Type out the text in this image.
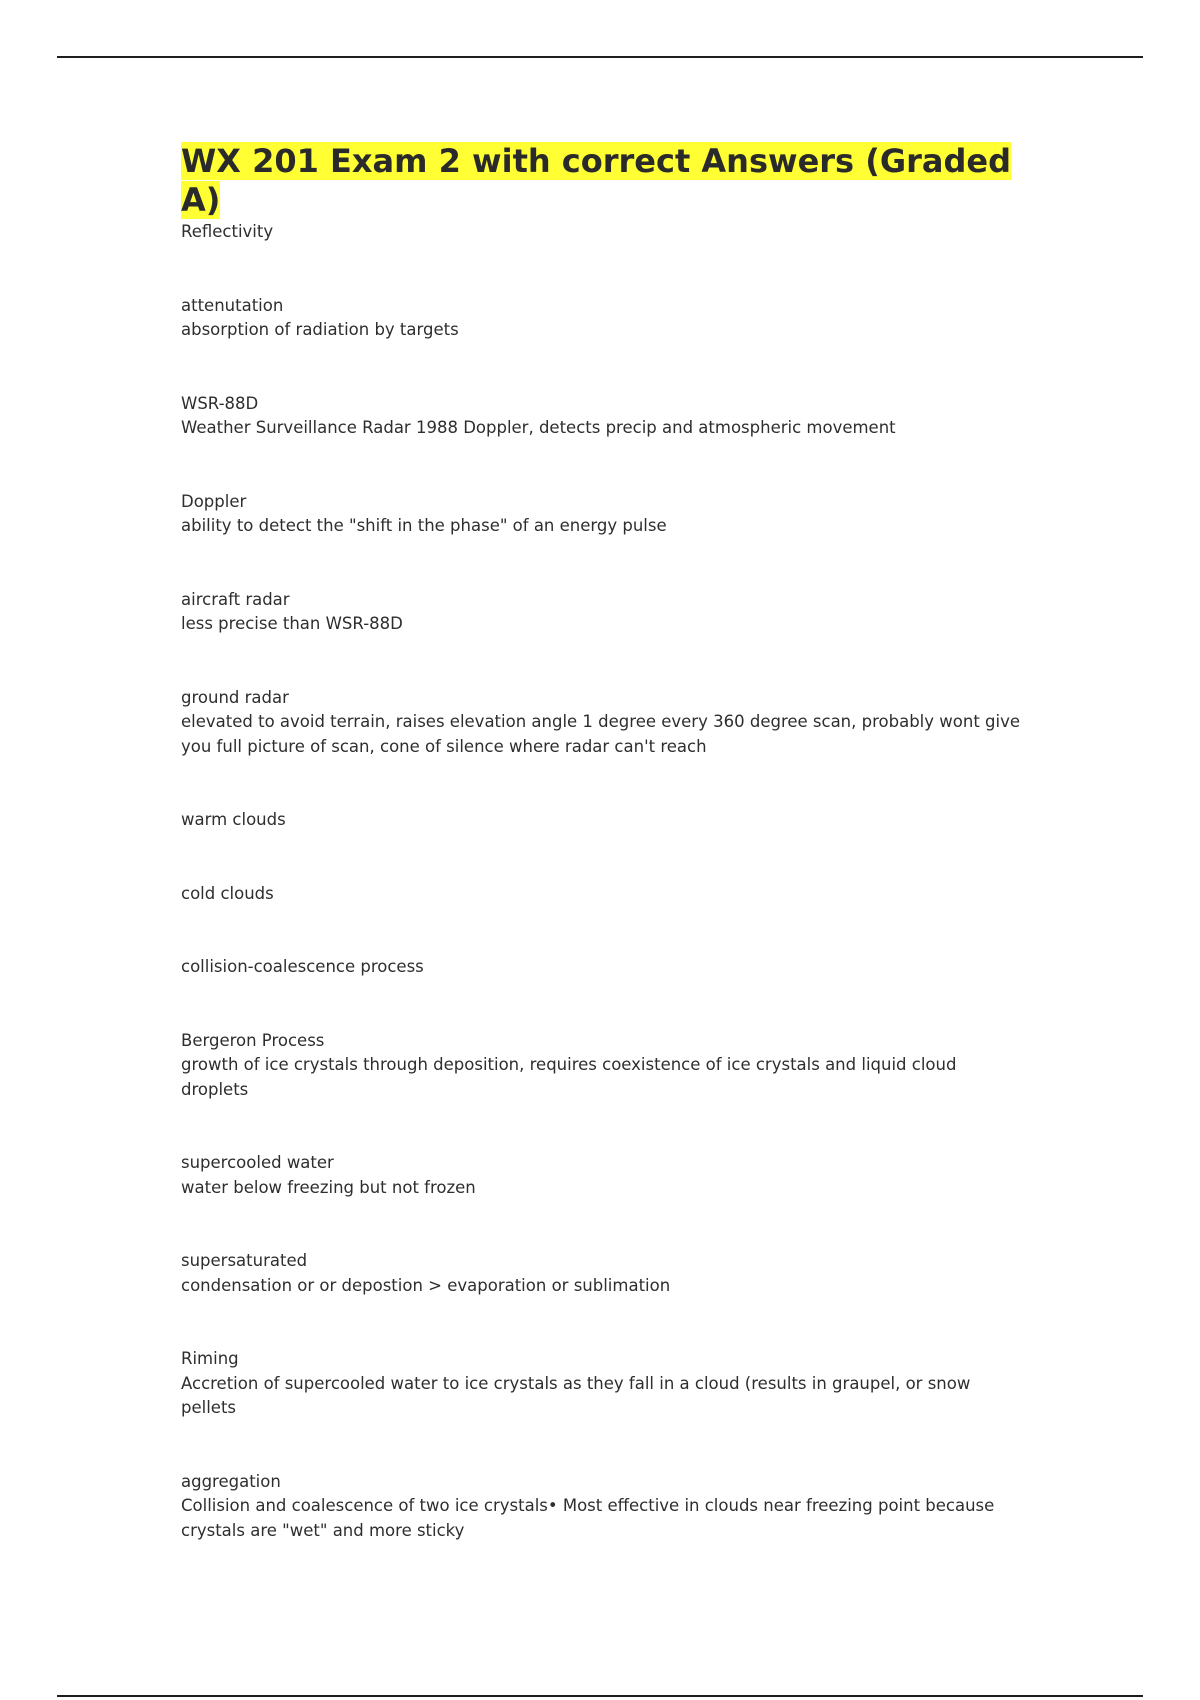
WX 201 Exam 2 with correct Answers (Graded A)
Reflectivity
attenutation
absorption of radiation by targets
WSR-88D
Weather Surveillance Radar 1988 Doppler, detects precip and atmospheric movement
Doppler
ability to detect the "shift in the phase" of an energy pulse
aircraft radar
less precise than WSR-88D
ground radar
elevated to avoid terrain, raises elevation angle 1 degree every 360 degree scan, probably wont give you full picture of scan, cone of silence where radar can't reach
warm clouds
cold clouds
collision-coalescence process
Bergeron Process
growth of ice crystals through deposition, requires coexistence of ice crystals and liquid cloud droplets
supercooled water
water below freezing but not frozen
supersaturated
condensation or or depostion > evaporation or sublimation
Riming
Accretion of supercooled water to ice crystals as they fall in a cloud (results in graupel, or snow pellets
aggregation
Collision and coalescence of two ice crystals• Most effective in clouds near freezing point because crystals are "wet" and more sticky
